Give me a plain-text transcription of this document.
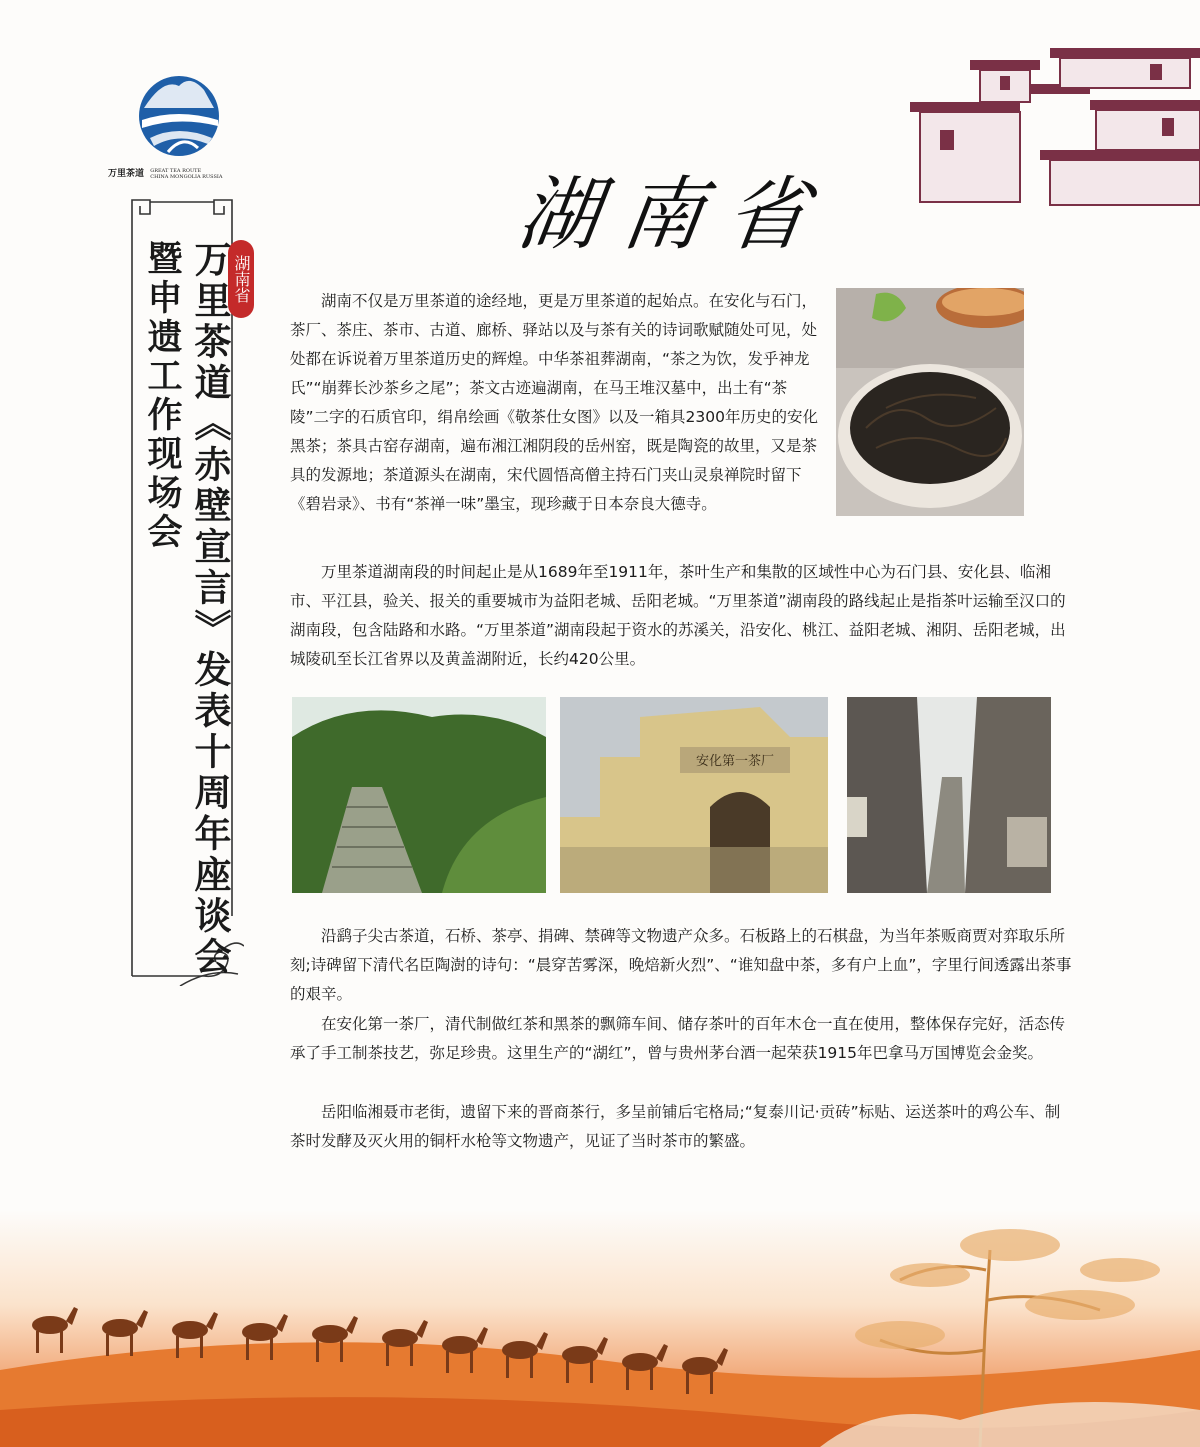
万里茶道 GREAT TEA ROUTE
CHINA MONGOLIA RUSSIA	湖南省
湖南省
万里茶道《赤壁宣言》发表十周年座谈会
暨申遗工作现场会	湖南不仅是万里茶道的途经地，更是万里茶道的起始点。在安化与石门，茶厂、茶庄、茶市、古道、廊桥、驿站以及与茶有关的诗词歌赋随处可见，处处都在诉说着万里茶道历史的辉煌。中华茶祖葬湖南，“茶之为饮，发乎神龙氏”“崩葬长沙茶乡之尾”；茶文古迹遍湖南，在马王堆汉墓中，出土有“茶陵”二字的石质官印，绢帛绘画《敬茶仕女图》以及一箱具2300年历史的安化黑茶；茶具古窑存湖南，遍布湘江湘阴段的岳州窑，既是陶瓷的故里，又是茶具的发源地；茶道源头在湖南，宋代圆悟高僧主持石门夹山灵泉禅院时留下《碧岩录》、书有“茶禅一味”墨宝，现珍藏于日本奈良大德寺。

万里茶道湖南段的时间起止是从1689年至1911年，茶叶生产和集散的区域性中心为石门县、安化县、临湘市、平江县，验关、报关的重要城市为益阳老城、岳阳老城。“万里茶道”湖南段的路线起止是指茶叶运输至汉口的湖南段，包含陆路和水路。“万里茶道”湖南段起于资水的苏溪关，沿安化、桃江、益阳老城、湘阴、岳阳老城，出城陵矶至长江省界以及黄盖湖附近，长约420公里。

安化第一茶厂

沿鹞子尖古茶道，石桥、茶亭、捐碑、禁碑等文物遗产众多。石板路上的石棋盘，为当年茶贩商贾对弈取乐所刻;诗碑留下清代名臣陶澍的诗句：“晨穿苦雾深，晚焙新火烈”、“谁知盘中茶，多有户上血”，字里行间透露出茶事的艰辛。

在安化第一茶厂，清代制做红茶和黑茶的飘筛车间、储存茶叶的百年木仓一直在使用，整体保存完好，活态传承了手工制茶技艺，弥足珍贵。这里生产的“湖红”，曾与贵州茅台酒一起荣获1915年巴拿马万国博览会金奖。

岳阳临湘聂市老街，遗留下来的晋商茶行，多呈前铺后宅格局;“复泰川记·贡砖”标贴、运送茶叶的鸡公车、制茶时发酵及灭火用的铜杆水枪等文物遗产，见证了当时茶市的繁盛。
